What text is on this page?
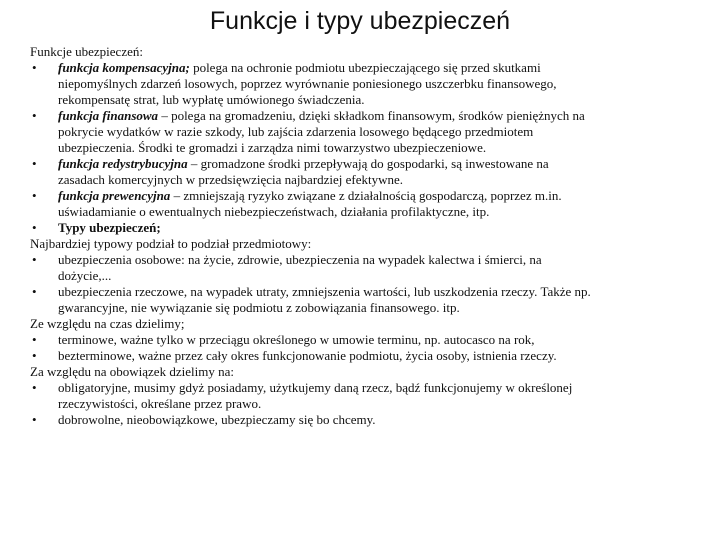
Funkcje i typy ubezpieczeń
Funkcje ubezpieczeń:
• funkcja kompensacyjna; polega na ochronie podmiotu ubezpieczającego się przed skutkami
niepomyślnych zdarzeń losowych, poprzez wyrównanie poniesionego uszczerbku finansowego,
rekompensatę strat, lub wypłatę umówionego świadczenia.
• funkcja finansowa – polega na gromadzeniu, dzięki składkom finansowym, środków pieniężnych na
pokrycie wydatków w razie szkody, lub zajścia zdarzenia losowego będącego przedmiotem
ubezpieczenia. Środki te gromadzi i zarządza nimi towarzystwo ubezpieczeniowe.
• funkcja redystrybucyjna – gromadzone środki przepływają do gospodarki, są inwestowane na
zasadach komercyjnych w przedsięwzięcia najbardziej efektywne.
• funkcja prewencyjna – zmniejszają ryzyko związane z działalnością gospodarczą, poprzez m.in.
uświadamianie o ewentualnych niebezpieczeństwach, działania profilaktyczne, itp.
• Typy ubezpieczeń;
Najbardziej typowy podział to podział przedmiotowy:
• ubezpieczenia osobowe: na życie, zdrowie, ubezpieczenia na wypadek kalectwa i śmierci, na
dożycie,...
• ubezpieczenia rzeczowe, na wypadek utraty, zmniejszenia wartości, lub uszkodzenia rzeczy. Także np.
gwarancyjne, nie wywiązanie się podmiotu z zobowiązania finansowego. itp.
Ze względu na czas dzielimy;
• terminowe, ważne tylko w przeciągu określonego w umowie terminu, np. autocasco na rok,
• bezterminowe, ważne przez cały okres funkcjonowanie podmiotu, życia osoby, istnienia rzeczy.
Za względu na obowiązek dzielimy na:
• obligatoryjne, musimy gdyż posiadamy, użytkujemy daną rzecz, bądź funkcjonujemy w określonej
rzeczywistości, określane przez prawo.
• dobrowolne, nieobowiązkowe, ubezpieczamy się bo chcemy.
